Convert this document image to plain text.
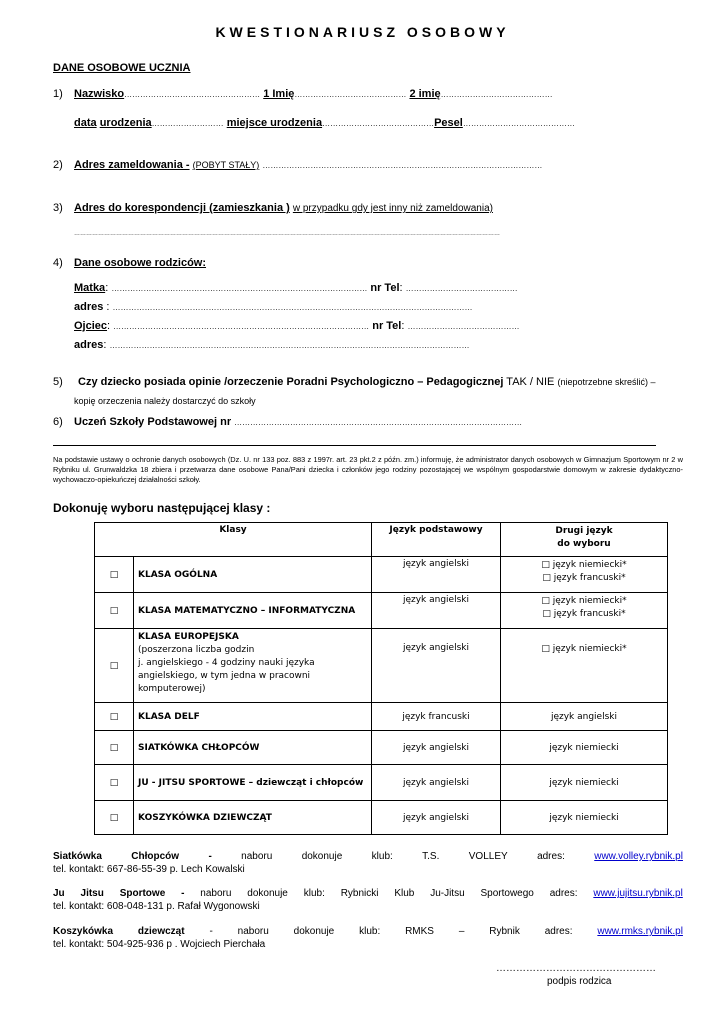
KWESTIONARIUSZ OSOBOWY
DANE OSOBOWE UCZNIA
1) Nazwisko…………………………………………… 1 Imię…………………………………… 2 imię……………………………………
data urodzenia……………………… miejsce urodzenia……………………………………Pesel……………………………………
2) Adres zameldowania - (POBYT STAŁY) ……………………………………………………………………………………………
3) Adres do korespondencji (zamieszkania ) w przypadku gdy jest inny niż zameldowania)
……………………………………………………………………………………………………………………………………………………………………………………………
4) Dane osobowe rodziców:
Matka: …………………………………………………………………………………… nr Tel: ……………………………………
adres : ………………………………………………………………………………………………………………………
Ojciec: …………………………………………………………………………………… nr Tel: ……………………………………
adres: ………………………………………………………………………………………………………………………
5) Czy dziecko posiada opinie /orzeczenie Poradni Psychologiczno – Pedagogicznej TAK / NIE (niepotrzebne skreślić) –
kopię orzeczenia należy dostarczyć do szkoły
6) Uczeń Szkoły Podstawowej nr ………………………………………………………………………………………………
Na podstawie ustawy o ochronie danych osobowych (Dz. U. nr 133 poz. 883 z 1997r. art. 23 pkt.2 z późn. zm.) informuję, że administrator danych osobowych w Gimnazjum Sportowym nr 2 w Rybniku ul. Grunwaldzka 18 zbiera i przetwarza dane osobowe Pana/Pani dziecka i członków jego rodziny pozostającej we wspólnym gospodarstwie domowym w zakresie dydaktyczno-wychowaczo-opiekuńczej działalności szkoły.
Dokonuję wyboru następującej klasy :
Klasy		Język podstawowy	Drugi język
do wyboru

□	KLASA OGÓLNA	język angielski	□ język niemiecki*
□ język francuski*

□	KLASA MATEMATYCZNO – INFORMATYCZNA	język angielski	□ język niemiecki*
□ język francuski*

□	KLASA EUROPEJSKA
(poszerzona liczba godzin
j. angielskiego - 4 godziny nauki języka
angielskiego, w tym jedna w pracowni
komputerowej)	język angielski	□ język niemiecki*

□	KLASA DELF	język francuski	język angielski
□	SIATKÓWKA CHŁOPCÓW	język angielski	język niemiecki
□	JU - JITSU SPORTOWE – dziewcząt i chłopców	język angielski	język niemiecki
□	KOSZYKÓWKA DZIEWCZĄT	język angielski	język niemiecki
Siatkówka	Chłopców	-	naboru	dokonuje	klub:	T.S.	VOLLEY	adres:	www.volley.rybnik.pl
tel. kontakt: 667-86-55-39 p. Lech Kowalski
Ju Jitsu Sportowe - naboru dokonuje klub: Rybnicki Klub Ju-Jitsu Sportowego adres: www.jujitsu.rybnik.pl
tel. kontakt: 608-048-131 p. Rafał Wygonowski
Koszykówka dziewcząt - naboru dokonuje klub: RMKS – Rybnik adres: www.rmks.rybnik.pl
tel. kontakt: 504-925-936 p . Wojciech Pierchała
…………………………………………
podpis rodzica
